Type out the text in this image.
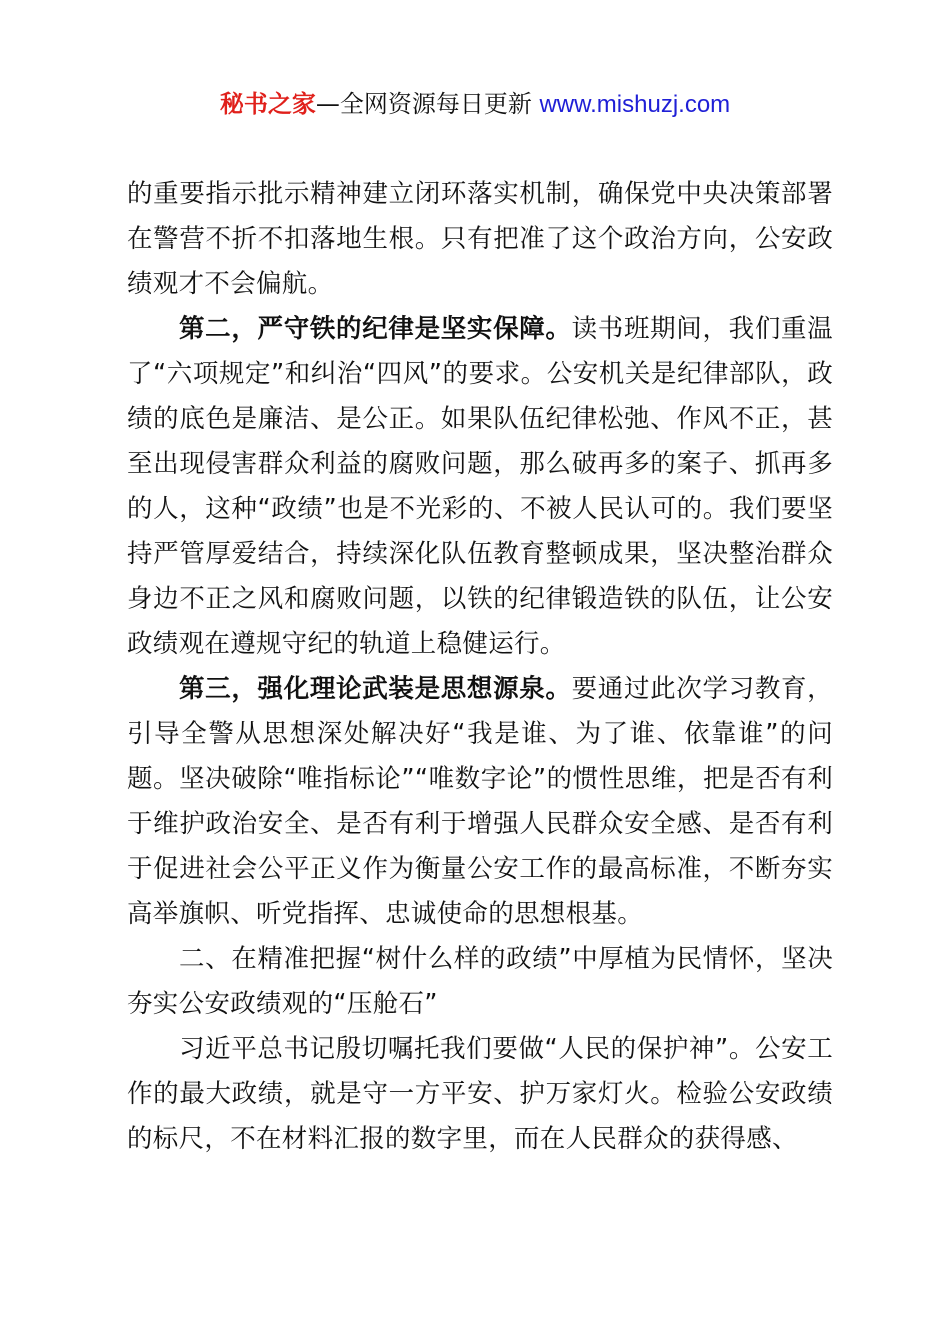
秘书之家—全网资源每日更新 www.mishuzj.com

的重要指示批示精神建立闭环落实机制，确保党中央决策部署在警营不折不扣落地生根。只有把准了这个政治方向，公安政绩观才不会偏航。

第二，严守铁的纪律是坚实保障。读书班期间，我们重温了“六项规定”和纠治“四风”的要求。公安机关是纪律部队，政绩的底色是廉洁、是公正。如果队伍纪律松弛、作风不正，甚至出现侵害群众利益的腐败问题，那么破再多的案子、抓再多的人，这种“政绩”也是不光彩的、不被人民认可的。我们要坚持严管厚爱结合，持续深化队伍教育整顿成果，坚决整治群众身边不正之风和腐败问题，以铁的纪律锻造铁的队伍，让公安政绩观在遵规守纪的轨道上稳健运行。

第三，强化理论武装是思想源泉。要通过此次学习教育，引导全警从思想深处解决好“我是谁、为了谁、依靠谁”的问题。坚决破除“唯指标论”“唯数字论”的惯性思维，把是否有利于维护政治安全、是否有利于增强人民群众安全感、是否有利于促进社会公平正义作为衡量公安工作的最高标准，不断夯实高举旗帜、听党指挥、忠诚使命的思想根基。

二、在精准把握“树什么样的政绩”中厚植为民情怀，坚决夯实公安政绩观的“压舱石”

习近平总书记殷切嘱托我们要做“人民的保护神”。公安工作的最大政绩，就是守一方平安、护万家灯火。检验公安政绩的标尺，不在材料汇报的数字里，而在人民群众的获得感、
